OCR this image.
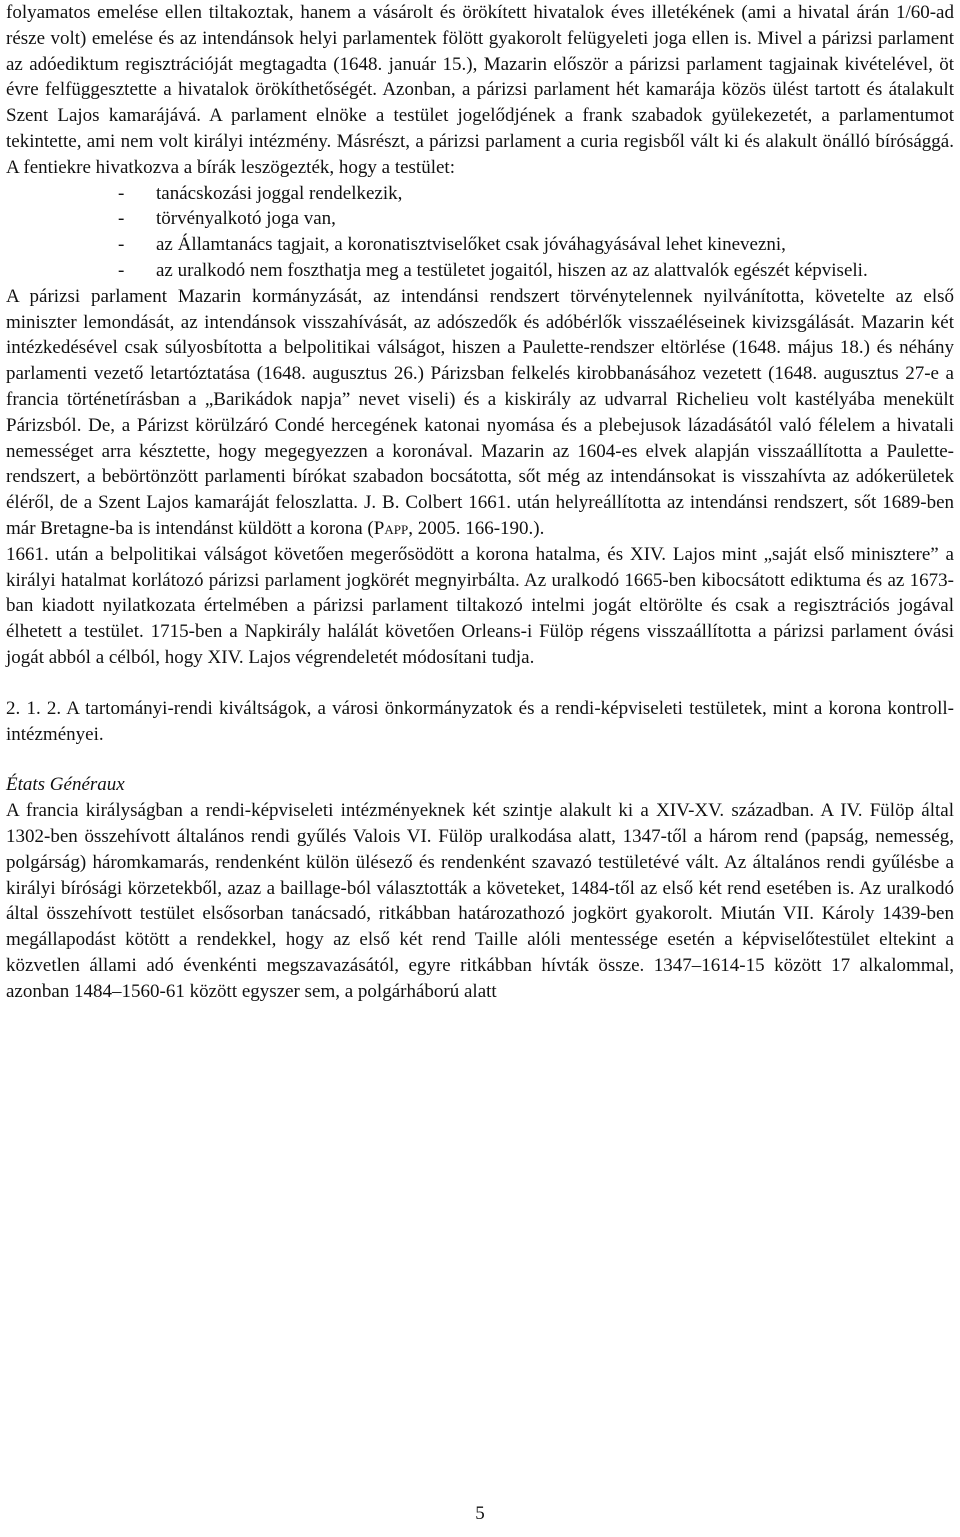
folyamatos emelése ellen tiltakoztak, hanem a vásárolt és örökített hivatalok éves illetékének (ami a hivatal árán 1/60-ad része volt) emelése és az intendánsok helyi parlamentek fölött gyakorolt felügyeleti joga ellen is. Mivel a párizsi parlament az adóediktum regisztrációját megtagadta (1648. január 15.), Mazarin először a párizsi parlament tagjainak kivételével, öt évre felfüggesztette a hivatalok örökíthetőségét. Azonban, a párizsi parlament hét kamarája közös ülést tartott és átalakult Szent Lajos kamarájává. A parlament elnöke a testület jogelődjének a frank szabadok gyülekezetét, a parlamentumot tekintette, ami nem volt királyi intézmény. Másrészt, a párizsi parlament a curia regisből vált ki és alakult önálló bírósággá. A fentiekre hivatkozva a bírák leszögezték, hogy a testület:

- tanácskozási joggal rendelkezik,
- törvényalkotó joga van,
- az Államtanács tagjait, a koronatisztviselőket csak jóváhagyásával lehet kinevezni,
- az uralkodó nem foszthatja meg a testületet jogaitól, hiszen az az alattvalók egészét képviseli.

A párizsi parlament Mazarin kormányzását, az intendánsi rendszert törvénytelennek nyilvánította, követelte az első miniszter lemondását, az intendánsok visszahívását, az adószedők és adóbérlők visszaéléseinek kivizsgálását. Mazarin két intézkedésével csak súlyosbította a belpolitikai válságot, hiszen a Paulette-rendszer eltörlése (1648. május 18.) és néhány parlamenti vezető letartóztatása (1648. augusztus 26.) Párizsban felkelés kirobbanásához vezetett (1648. augusztus 27-e a francia történetírásban a „Barikádok napja” nevet viseli) és a kiskirály az udvarral Richelieu volt kastélyába menekült Párizsból. De, a Párizst körülzáró Condé hercegének katonai nyomása és a plebejusok lázadásától való félelem a hivatali nemességet arra késztette, hogy megegyezzen a koronával. Mazarin az 1604-es elvek alapján visszaállította a Paulette-rendszert, a bebörtönzött parlamenti bírókat szabadon bocsátotta, sőt még az intendánsokat is visszahívta az adókerületek éléről, de a Szent Lajos kamaráját feloszlatta. J. B. Colbert 1661. után helyreállította az intendánsi rendszert, sőt 1689-ben már Bretagne-ba is intendánst küldött a korona (Papp, 2005. 166-190.).

1661. után a belpolitikai válságot követően megerősödött a korona hatalma, és XIV. Lajos mint „saját első minisztere” a királyi hatalmat korlátozó párizsi parlament jogkörét megnyirbálta. Az uralkodó 1665-ben kibocsátott ediktuma és az 1673-ban kiadott nyilatkozata értelmében a párizsi parlament tiltakozó intelmi jogát eltörölte és csak a regisztrációs jogával élhetett a testület. 1715-ben a Napkirály halálát követően Orleans-i Fülöp régens visszaállította a párizsi parlament óvási jogát abból a célból, hogy XIV. Lajos végrendeletét módosítani tudja.

2. 1. 2. A tartományi-rendi kiváltságok, a városi önkormányzatok és a rendi-képviseleti testületek, mint a korona kontroll-intézményei.

États Généraux

A francia királyságban a rendi-képviseleti intézményeknek két szintje alakult ki a XIV-XV. században. A IV. Fülöp által 1302-ben összehívott általános rendi gyűlés Valois VI. Fülöp uralkodása alatt, 1347-től a három rend (papság, nemesség, polgárság) háromkamarás, rendenként külön ülésező és rendenként szavazó testületévé vált. Az általános rendi gyűlésbe a királyi bírósági körzetekből, azaz a baillage-ból választották a követeket, 1484-től az első két rend esetében is. Az uralkodó által összehívott testület elsősorban tanácsadó, ritkábban határozathozó jogkört gyakorolt. Miután VII. Károly 1439-ben megállapodást kötött a rendekkel, hogy az első két rend Taille alóli mentessége esetén a képviselőtestület eltekint a közvetlen állami adó évenkénti megszavazásától, egyre ritkábban hívták össze. 1347–1614-15 között 17 alkalommal, azonban 1484–1560-61 között egyszer sem, a polgárháború alatt

5
